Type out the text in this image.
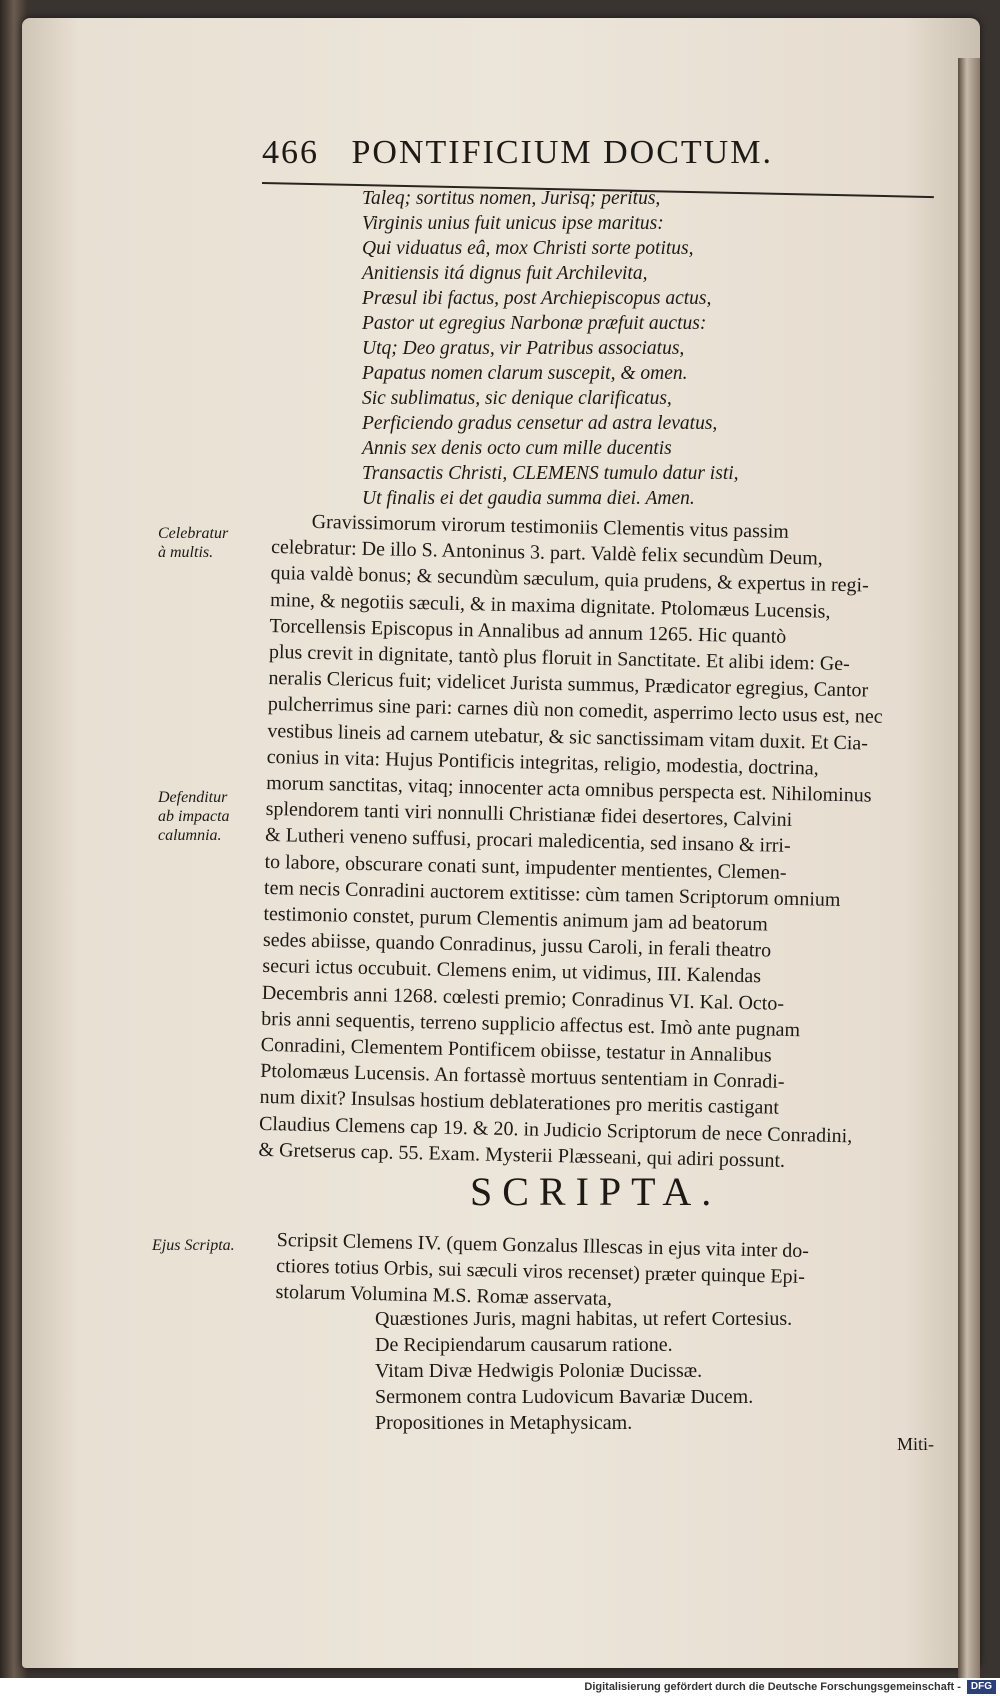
466 PONTIFICIUM DOCTUM.
Taleq; sortitus nomen, Jurisq; peritus,
Virginis unius fuit unicus ipse maritus:
Qui viduatus eâ, mox Christi sorte potitus,
Anitiensis itá dignus fuit Archilevita,
Præsul ibi factus, post Archiepiscopus actus,
Pastor ut egregius Narbonæ præfuit auctus:
Utq; Deo gratus, vir Patribus associatus,
Papatus nomen clarum suscepit, & omen.
Sic sublimatus, sic denique clarificatus,
Perficiendo gradus censetur ad astra levatus,
Annis sex denis octo cum mille ducentis
Transactis Christi, CLEMENS tumulo datur isti,
Ut finalis ei det gaudia summa diei. Amen.
Celebratur
à multis.
Defenditur
ab impacta
calumnia.
Ejus Scripta.
Gravissimorum virorum testimoniis Clementis vitus passim
celebratur: De illo S. Antoninus 3. part. Valdè felix secundùm Deum,
quia valdè bonus; & secundùm sæculum, quia prudens, & expertus in regi-
mine, & negotiis sæculi, & in maxima dignitate. Ptolomæus Lucensis,
Torcellensis Episcopus in Annalibus ad annum 1265. Hic quantò
plus crevit in dignitate, tantò plus floruit in Sanctitate. Et alibi idem: Ge-
neralis Clericus fuit; videlicet Jurista summus, Prædicator egregius, Cantor
pulcherrimus sine pari: carnes diù non comedit, asperrimo lecto usus est, nec
vestibus lineis ad carnem utebatur, & sic sanctissimam vitam duxit. Et Cia-
conius in vita: Hujus Pontificis integritas, religio, modestia, doctrina,
morum sanctitas, vitaq; innocenter acta omnibus perspecta est. Nihilominus
splendorem tanti viri nonnulli Christianæ fidei desertores, Calvini
& Lutheri veneno suffusi, procari maledicentia, sed insano & irri-
to labore, obscurare conati sunt, impudenter mentientes, Clemen-
tem necis Conradini auctorem extitisse: cùm tamen Scriptorum omnium
testimonio constet, purum Clementis animum jam ad beatorum
sedes abiisse, quando Conradinus, jussu Caroli, in ferali theatro
securi ictus occubuit. Clemens enim, ut vidimus, III. Kalendas
Decembris anni 1268. cœlesti premio; Conradinus VI. Kal. Octo-
bris anni sequentis, terreno supplicio affectus est. Imò ante pugnam
Conradini, Clementem Pontificem obiisse, testatur in Annalibus
Ptolomæus Lucensis. An fortassè mortuus sententiam in Conradi-
num dixit? Insulsas hostium deblaterationes pro meritis castigant
Claudius Clemens cap 19. & 20. in Judicio Scriptorum de nece Conradini,
& Gretserus cap. 55. Exam. Mysterii Plæsseani, qui adiri possunt.
SCRIPTA.
Scripsit Clemens IV. (quem Gonzalus Illescas in ejus vita inter do-
ctiores totius Orbis, sui sæculi viros recenset) præter quinque Epi-
stolarum Volumina M.S. Romæ asservata,
Quæstiones Juris, magni habitas, ut refert Cortesius.
De Recipiendarum causarum ratione.
Vitam Divæ Hedwigis Poloniæ Ducissæ.
Sermonem contra Ludovicum Bavariæ Ducem.
Propositiones in Metaphysicam.
Miti-
Digitalisierung gefördert durch die Deutsche Forschungsgemeinschaft - DFG
